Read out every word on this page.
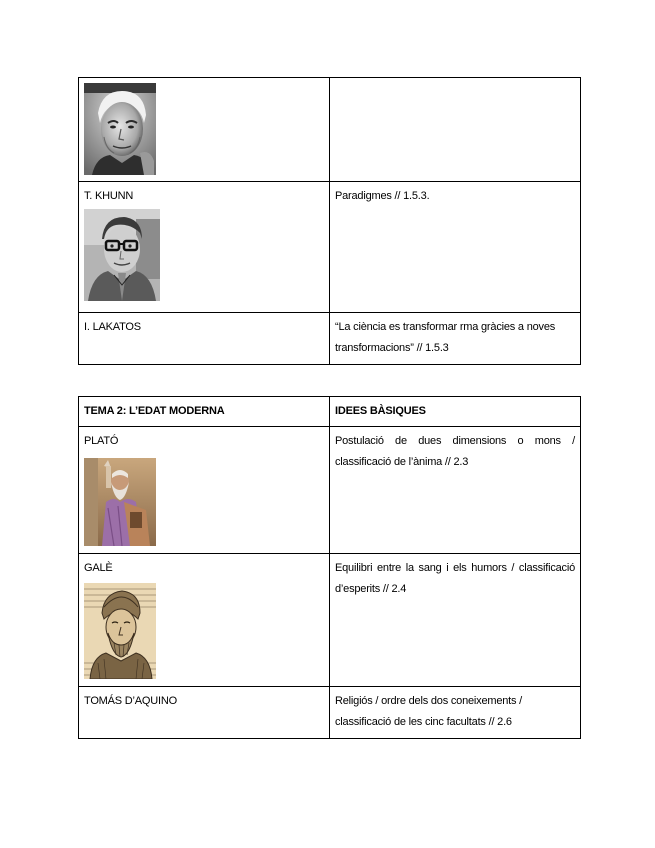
T. KHUNN	Paradigmes // 1.5.3.

I. LAKATOS	“La ciència es transformar rma gràcies a noves transformacions” // 1.5.3
TEMA 2: L’EDAT MODERNA	IDEES BÀSIQUES

PLATÓ	Postulació de dues dimensions o mons / classificació de l’ànima // 2.3

GALÈ	Equilibri entre la sang i els humors / classificació d’esperits // 2.4

TOMÁS D’AQUINO	Religiós / ordre dels dos coneixements / classificació de les cinc facultats // 2.6
